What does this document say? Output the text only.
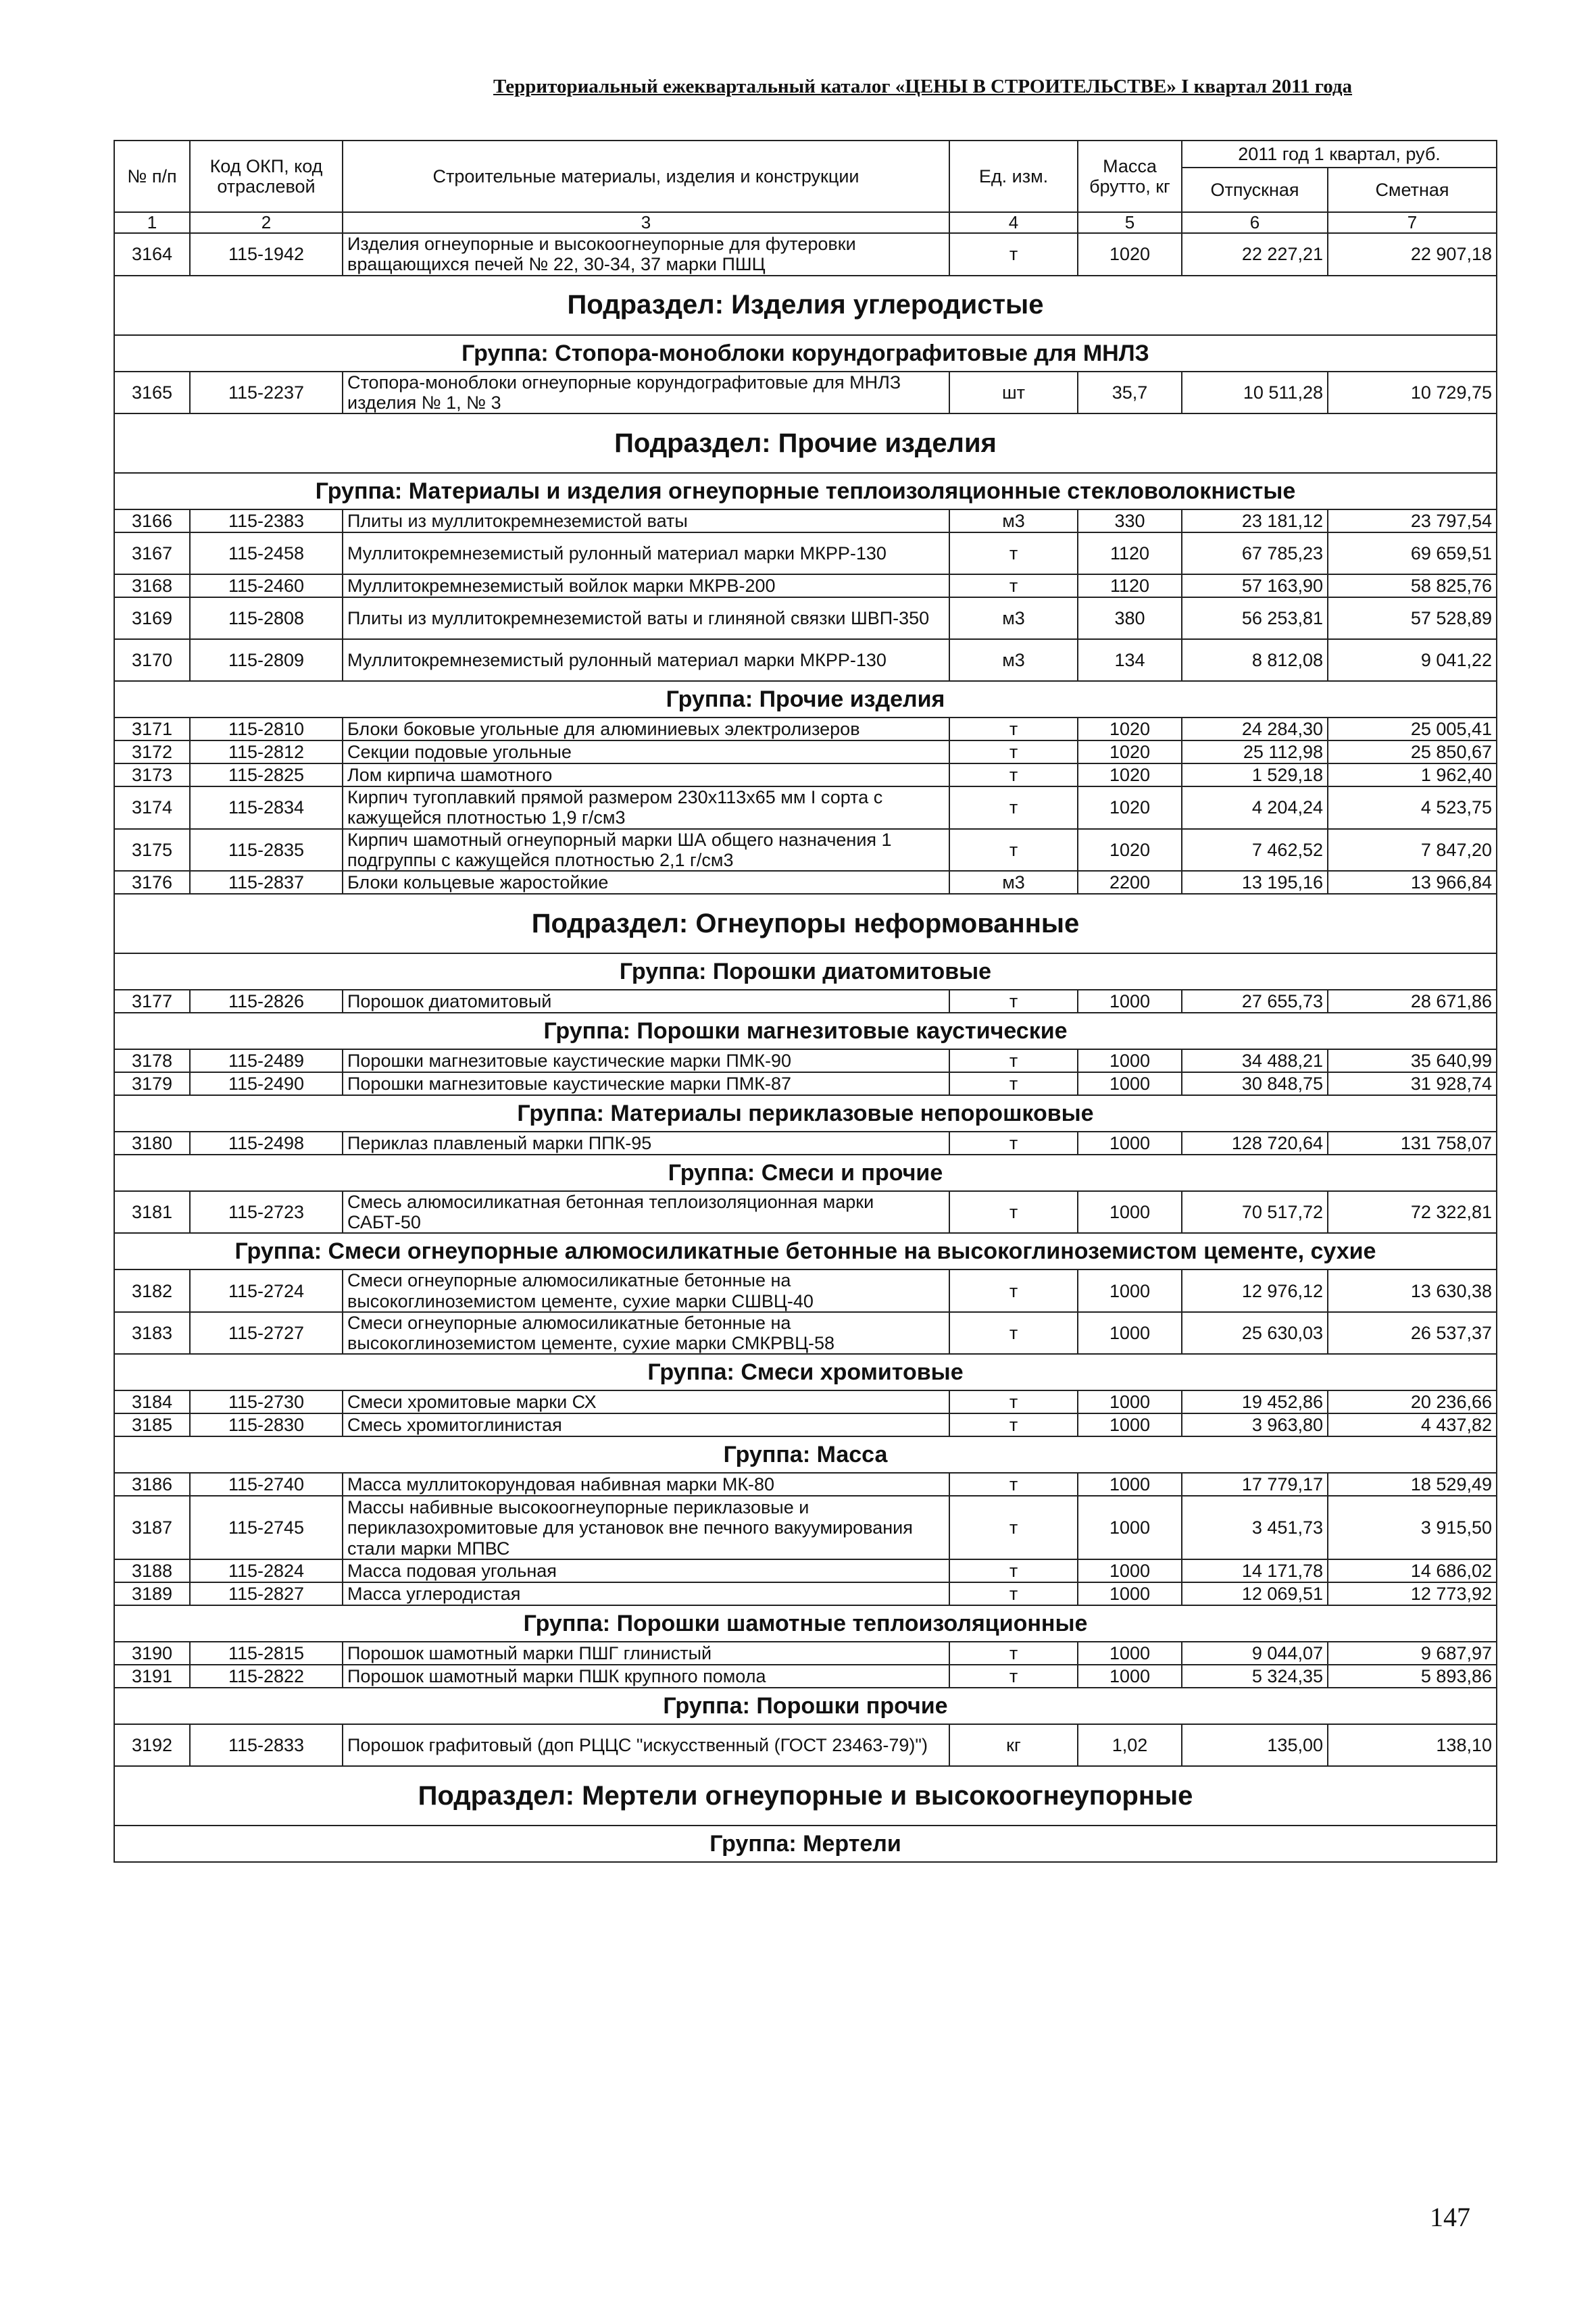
Территориальный ежеквартальный каталог «ЦЕНЫ В СТРОИТЕЛЬСТВЕ» I квартал 2011 года
№ п/п	Код ОКП, код отраслевой	Строительные материалы, изделия и конструкции	Ед. изм.	Масса брутто, кг	2011 год 1 квартал, руб.	
					Отпускная	Сметная
1	2	3	4	5	6	7
3164	115-1942	Изделия огнеупорные и высокоогнеупорные для футеровки вращающихся печей № 22, 30-34, 37 марки ПШЦ	т	1020	22 227,21	22 907,18
Подраздел: Изделия углеродистые						
Группа: Стопора-моноблоки корундографитовые для МНЛЗ						
3165	115-2237	Стопора-моноблоки огнеупорные корундографитовые для МНЛЗ изделия № 1, № 3	шт	35,7	10 511,28	10 729,75
Подраздел: Прочие изделия						
Группа: Материалы и изделия огнеупорные теплоизоляционные стекловолокнистые						
3166	115-2383	Плиты из муллитокремнеземистой ваты	м3	330	23 181,12	23 797,54
3167	115-2458	Муллитокремнеземистый рулонный материал марки МКРР-130	т	1120	67 785,23	69 659,51
3168	115-2460	Муллитокремнеземистый войлок марки МКРВ-200	т	1120	57 163,90	58 825,76
3169	115-2808	Плиты из муллитокремнеземистой ваты и глиняной связки ШВП-350	м3	380	56 253,81	57 528,89
3170	115-2809	Муллитокремнеземистый рулонный материал марки МКРР-130	м3	134	8 812,08	9 041,22
Группа: Прочие изделия						
3171	115-2810	Блоки боковые угольные для алюминиевых электролизеров	т	1020	24 284,30	25 005,41
3172	115-2812	Секции подовые угольные	т	1020	25 112,98	25 850,67
3173	115-2825	Лом кирпича шамотного	т	1020	1 529,18	1 962,40
3174	115-2834	Кирпич тугоплавкий прямой размером 230х113х65 мм I сорта с кажущейся плотностью 1,9 г/см3	т	1020	4 204,24	4 523,75
3175	115-2835	Кирпич шамотный огнеупорный марки ША общего назначения 1 подгруппы с кажущейся плотностью 2,1 г/см3	т	1020	7 462,52	7 847,20
3176	115-2837	Блоки кольцевые жаростойкие	м3	2200	13 195,16	13 966,84
Подраздел: Огнеупоры неформованные						
Группа: Порошки диатомитовые						
3177	115-2826	Порошок диатомитовый	т	1000	27 655,73	28 671,86
Группа: Порошки магнезитовые каустические						
3178	115-2489	Порошки магнезитовые каустические марки ПМК-90	т	1000	34 488,21	35 640,99
3179	115-2490	Порошки магнезитовые каустические марки ПМК-87	т	1000	30 848,75	31 928,74
Группа: Материалы периклазовые непорошковые						
3180	115-2498	Периклаз плавленый марки ППК-95	т	1000	128 720,64	131 758,07
Группа: Смеси и прочие						
3181	115-2723	Смесь алюмосиликатная бетонная теплоизоляционная марки САБТ-50	т	1000	70 517,72	72 322,81
Группа: Смеси огнеупорные алюмосиликатные бетонные на высокоглиноземистом цементе, сухие						
3182	115-2724	Смеси огнеупорные алюмосиликатные бетонные на высокоглиноземистом цементе, сухие марки СШВЦ-40	т	1000	12 976,12	13 630,38
3183	115-2727	Смеси огнеупорные алюмосиликатные бетонные на высокоглиноземистом цементе, сухие марки СМКРВЦ-58	т	1000	25 630,03	26 537,37
Группа: Смеси хромитовые						
3184	115-2730	Смеси хромитовые марки СХ	т	1000	19 452,86	20 236,66
3185	115-2830	Смесь хромитоглинистая	т	1000	3 963,80	4 437,82
Группа: Масса						
3186	115-2740	Масса муллитокорундовая набивная марки МК-80	т	1000	17 779,17	18 529,49
3187	115-2745	Массы набивные высокоогнеупорные периклазовые и периклазохромитовые для установок вне печного вакуумирования стали марки МПВС	т	1000	3 451,73	3 915,50
3188	115-2824	Масса подовая угольная	т	1000	14 171,78	14 686,02
3189	115-2827	Масса углеродистая	т	1000	12 069,51	12 773,92
Группа: Порошки шамотные теплоизоляционные						
3190	115-2815	Порошок шамотный марки ПШГ глинистый	т	1000	9 044,07	9 687,97
3191	115-2822	Порошок шамотный марки ПШК крупного помола	т	1000	5 324,35	5 893,86
Группа: Порошки прочие						
3192	115-2833	Порошок графитовый (доп РЦЦС "искусственный (ГОСТ 23463-79)")	кг	1,02	135,00	138,10
Подраздел: Мертели огнеупорные и высокоогнеупорные						
Группа: Мертели						
147
